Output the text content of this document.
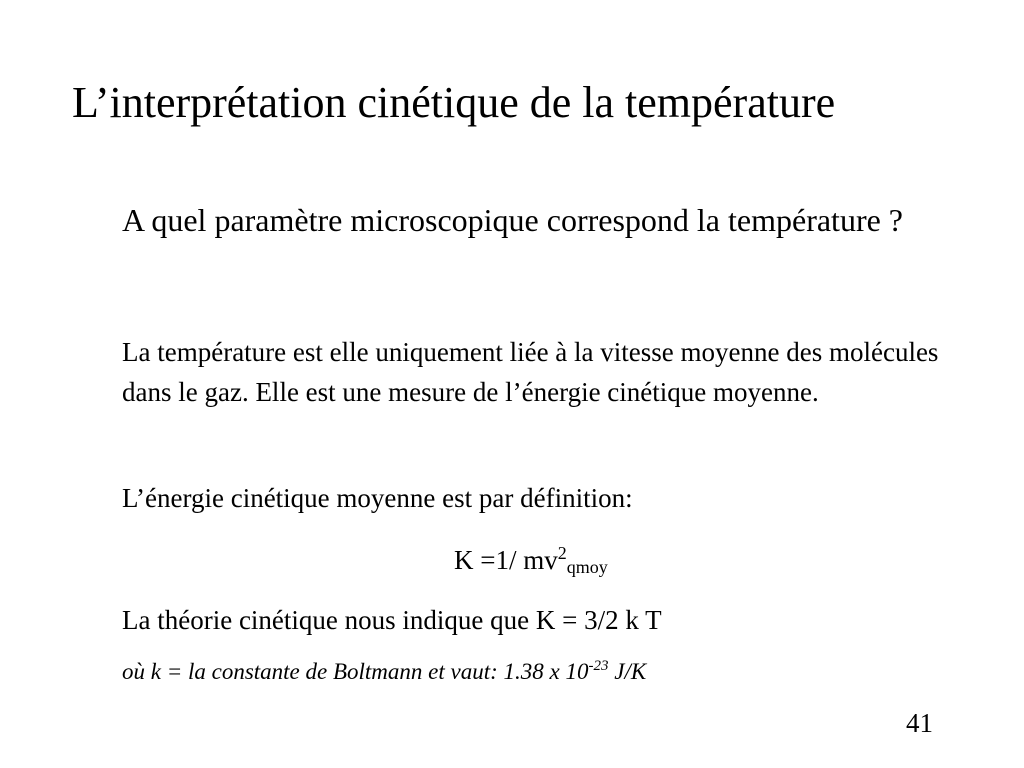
L’interprétation cinétique de la température

A quel paramètre microscopique correspond la température ?

La température est elle uniquement liée à la vitesse moyenne des molécules dans le gaz. Elle est une mesure de l’énergie cinétique moyenne.

L’énergie cinétique moyenne est par définition:

K =1/ $mv^2_{qmoy}$

La théorie cinétique nous indique que K = 3/2 k T

où k = la constante de Boltmann et vaut: 1.38 x $10^{-23}$ J/K

41
